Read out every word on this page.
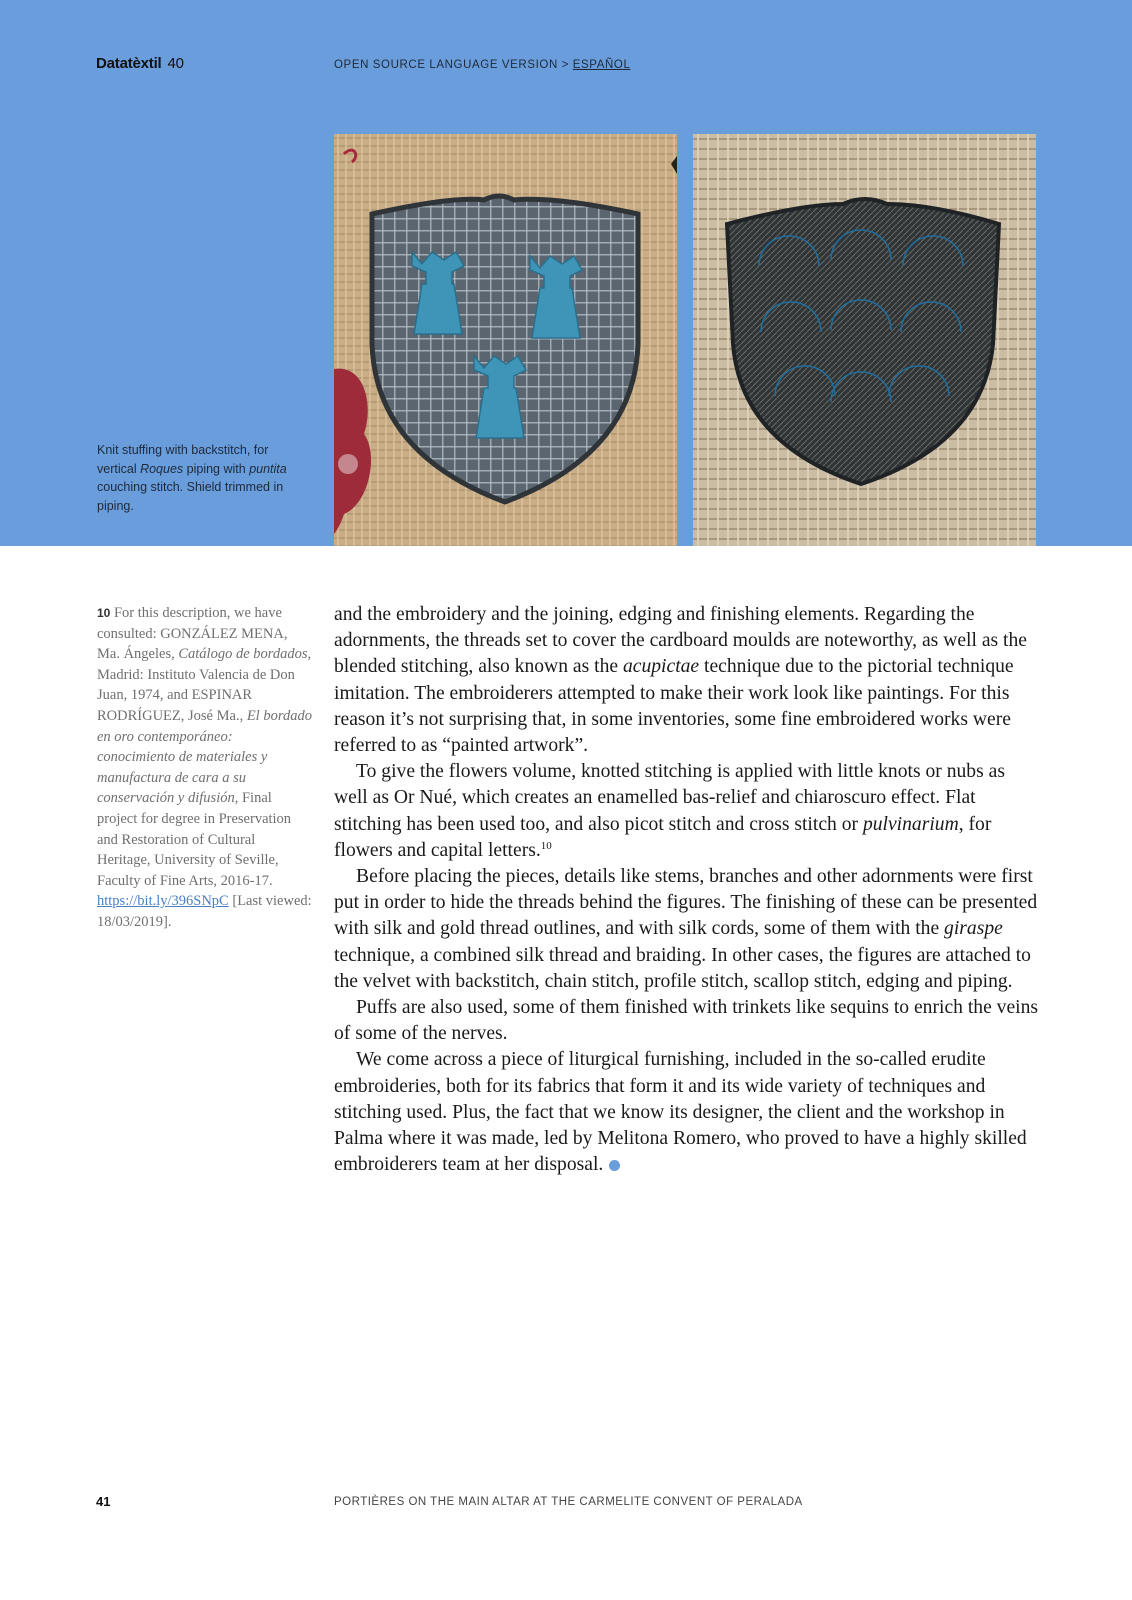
Datatèxtil 40	OPEN SOURCE LANGUAGE VERSION > ESPAÑOL
Knit stuffing with backstitch, for vertical Roques piping with puntita couching stitch. Shield trimmed in piping.
10 For this description, we have consulted: GONZÁLEZ MENA, Ma. Ángeles, Catálogo de bordados, Madrid: Instituto Valencia de Don Juan, 1974, and ESPINAR RODRÍGUEZ, José Ma., El bordado en oro contemporáneo: conocimiento de materiales y manufactura de cara a su conservación y difusión, Final project for degree in Preservation and Restoration of Cultural Heritage, University of Seville, Faculty of Fine Arts, 2016-17. https://bit.ly/396SNpC [Last viewed: 18/03/2019].

and the embroidery and the joining, edging and finishing elements. Regarding the adornments, the threads set to cover the cardboard moulds are noteworthy, as well as the blended stitching, also known as the acupictae technique due to the pictorial technique imitation. The embroiderers attempted to make their work look like paintings. For this reason it’s not surprising that, in some inventories, some fine embroidered works were referred to as “painted artwork”.

To give the flowers volume, knotted stitching is applied with little knots or nubs as well as Or Nué, which creates an enamelled bas-relief and chiaroscuro effect. Flat stitching has been used too, and also picot stitch and cross stitch or pulvinarium, for flowers and capital letters.$^{10}$

Before placing the pieces, details like stems, branches and other adornments were first put in order to hide the threads behind the figures. The finishing of these can be presented with silk and gold thread outlines, and with silk cords, some of them with the giraspe technique, a combined silk thread and braiding. In other cases, the figures are attached to the velvet with backstitch, chain stitch, profile stitch, scallop stitch, edging and piping.

Puffs are also used, some of them finished with trinkets like sequins to enrich the veins of some of the nerves.

We come across a piece of liturgical furnishing, included in the so-called erudite embroideries, both for its fabrics that form it and its wide variety of techniques and stitching used. Plus, the fact that we know its designer, the client and the workshop in Palma where it was made, led by Melitona Romero, who proved to have a highly skilled embroiderers team at her disposal.

41	PORTIÈRES ON THE MAIN ALTAR AT THE CARMELITE CONVENT OF PERALADA
